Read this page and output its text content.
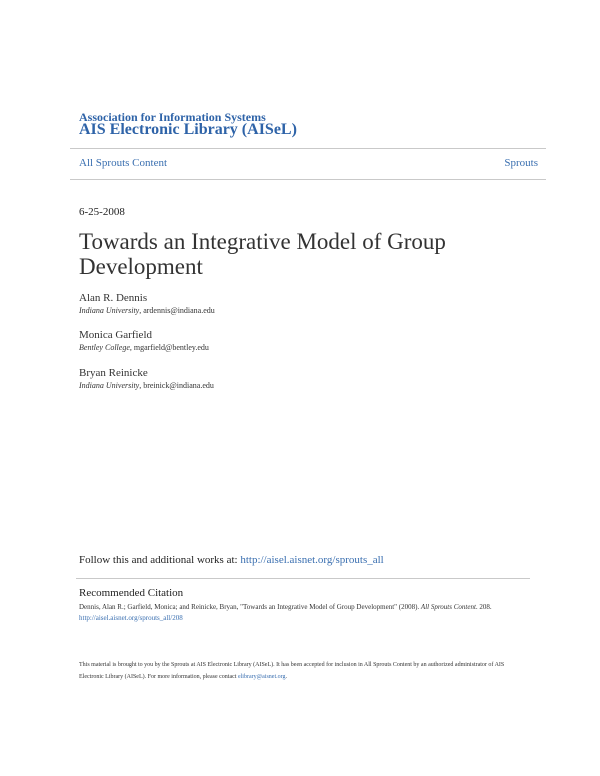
Association for Information Systems
AIS Electronic Library (AISeL)
All Sprouts Content	Sprouts
6-25-2008
Towards an Integrative Model of Group Development
Alan R. Dennis
Indiana University, ardennis@indiana.edu
Monica Garfield
Bentley College, mgarfield@bentley.edu
Bryan Reinicke
Indiana University, breinick@indiana.edu
Follow this and additional works at: http://aisel.aisnet.org/sprouts_all
Recommended Citation
Dennis, Alan R.; Garfield, Monica; and Reinicke, Bryan, "Towards an Integrative Model of Group Development" (2008). All Sprouts Content. 208.
http://aisel.aisnet.org/sprouts_all/208
This material is brought to you by the Sprouts at AIS Electronic Library (AISeL). It has been accepted for inclusion in All Sprouts Content by an authorized administrator of AIS Electronic Library (AISeL). For more information, please contact elibrary@aisnet.org.
